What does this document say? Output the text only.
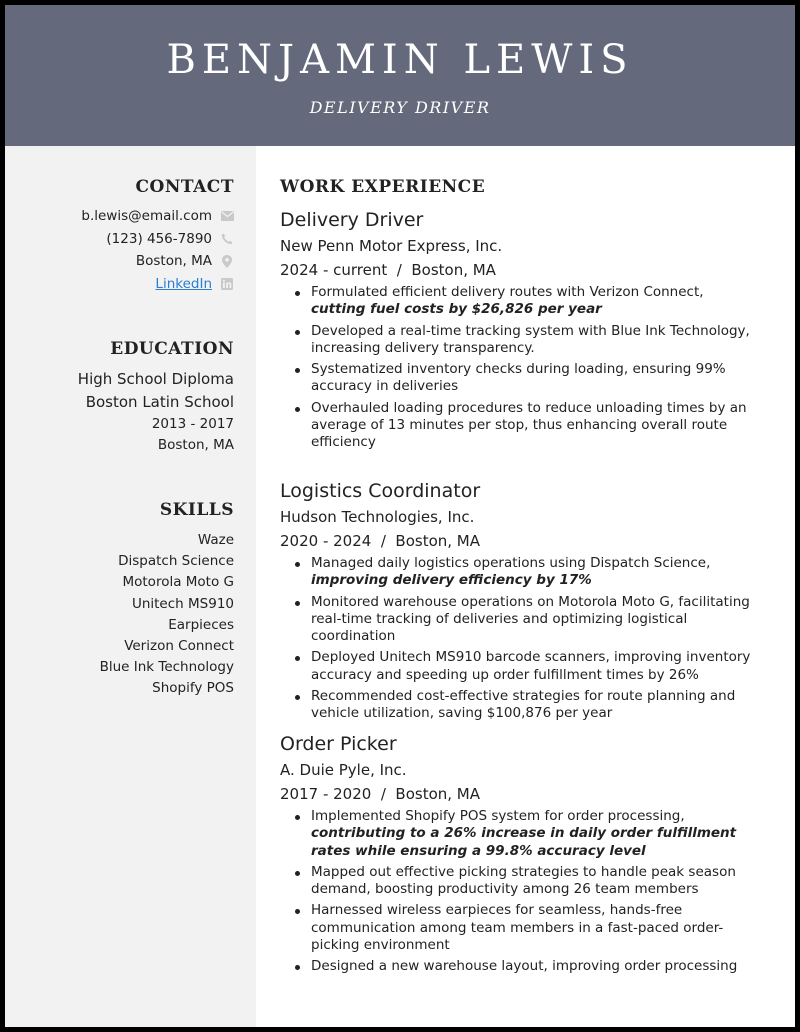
BENJAMIN LEWIS
DELIVERY DRIVER
CONTACT
b.lewis@email.com
(123) 456-7890
Boston, MA
LinkedIn
EDUCATION
High School Diploma
Boston Latin School
2013 - 2017
Boston, MA
SKILLS
Waze
Dispatch Science
Motorola Moto G
Unitech MS910
Earpieces
Verizon Connect
Blue Ink Technology
Shopify POS
WORK EXPERIENCE
Delivery Driver
New Penn Motor Express, Inc.
2024 - current  /  Boston, MA
Formulated efficient delivery routes with Verizon Connect, cutting fuel costs by $26,826 per year
Developed a real-time tracking system with Blue Ink Technology, increasing delivery transparency.
Systematized inventory checks during loading, ensuring 99% accuracy in deliveries
Overhauled loading procedures to reduce unloading times by an average of 13 minutes per stop, thus enhancing overall route efficiency
Logistics Coordinator
Hudson Technologies, Inc.
2020 - 2024  /  Boston, MA
Managed daily logistics operations using Dispatch Science, improving delivery efficiency by 17%
Monitored warehouse operations on Motorola Moto G, facilitating real-time tracking of deliveries and optimizing logistical coordination
Deployed Unitech MS910 barcode scanners, improving inventory accuracy and speeding up order fulfillment times by 26%
Recommended cost-effective strategies for route planning and vehicle utilization, saving $100,876 per year
Order Picker
A. Duie Pyle, Inc.
2017 - 2020  /  Boston, MA
Implemented Shopify POS system for order processing, contributing to a 26% increase in daily order fulfillment rates while ensuring a 99.8% accuracy level
Mapped out effective picking strategies to handle peak season demand, boosting productivity among 26 team members
Harnessed wireless earpieces for seamless, hands-free communication among team members in a fast-paced order-picking environment
Designed a new warehouse layout, improving order processing
